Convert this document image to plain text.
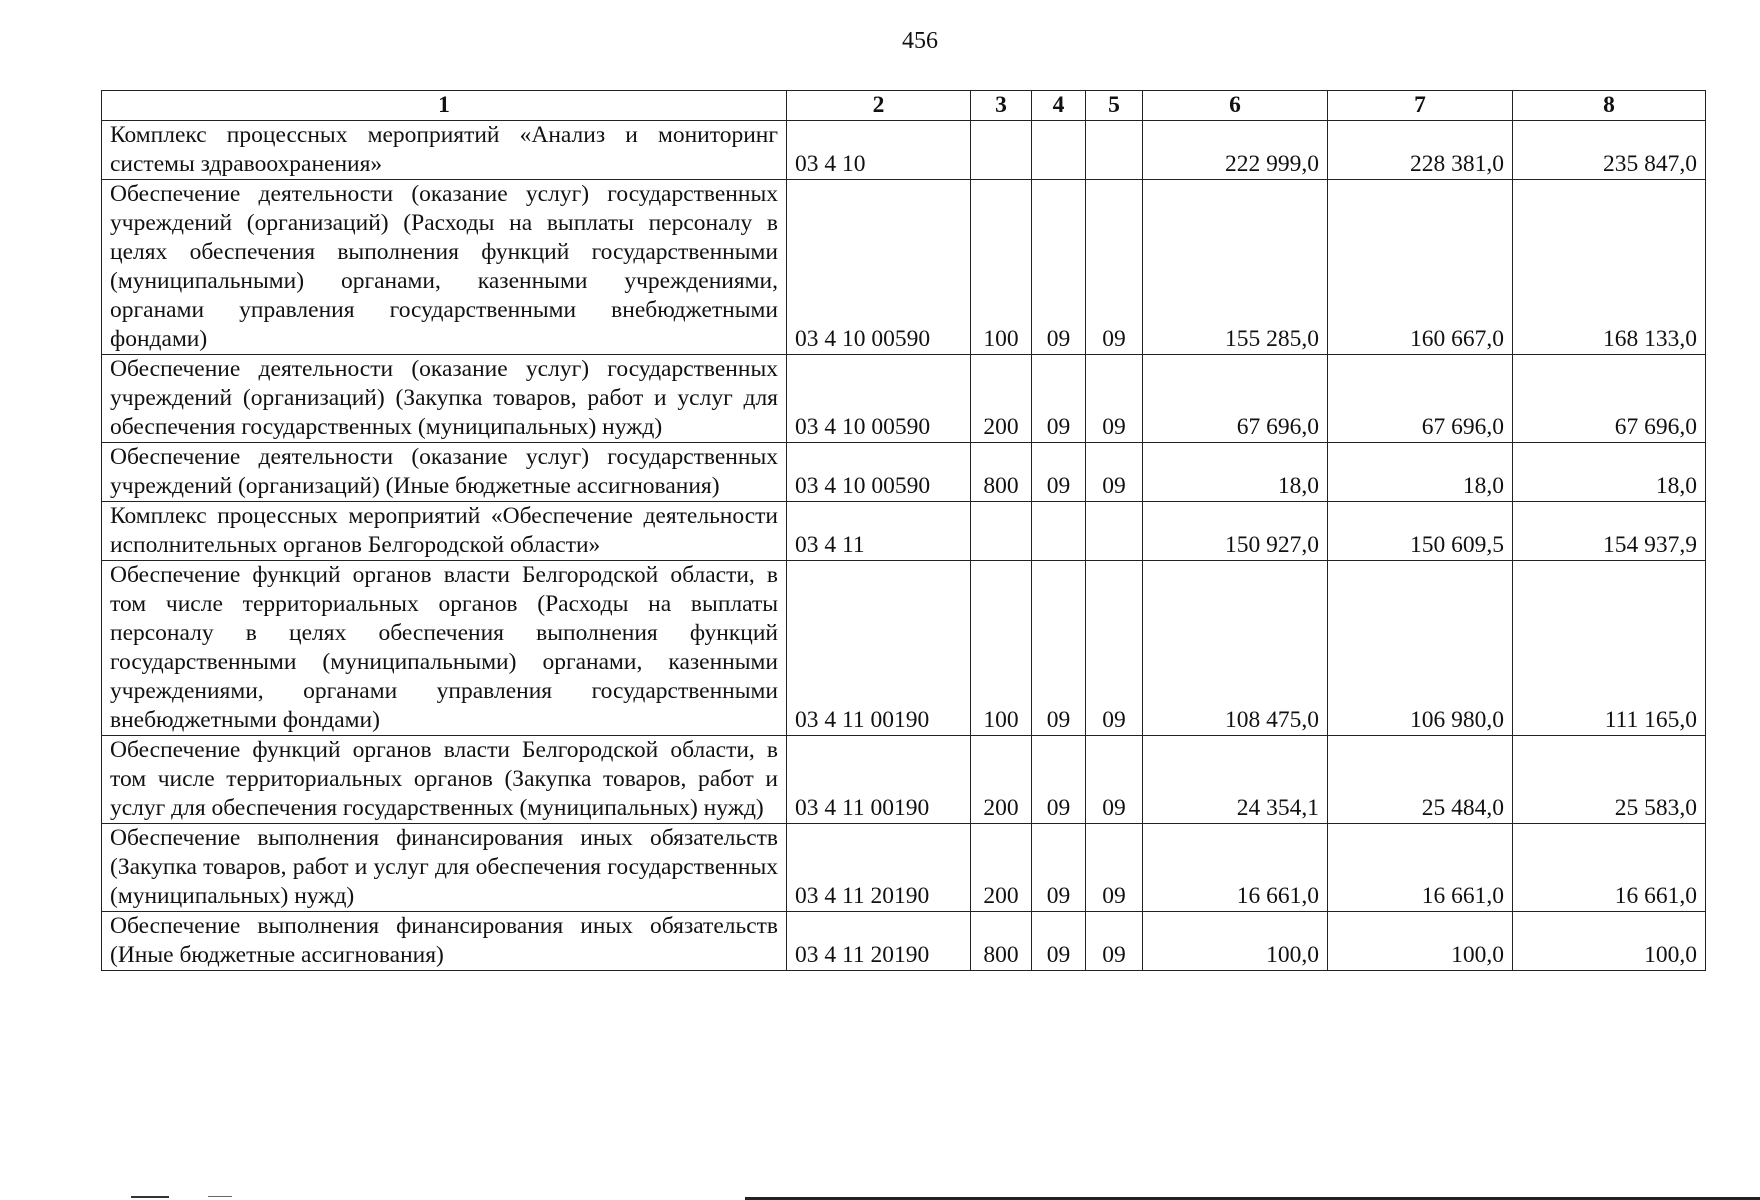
456
1	2	3	4	5	6	7	8
Комплекс процессных мероприятий «Анализ и мониторинг системы здравоохранения»	03 4 10				222 999,0	228 381,0	235 847,0
Обеспечение деятельности (оказание услуг) государственных учреждений (организаций) (Расходы на выплаты персоналу в целях обеспечения выполнения функций государственными (муниципальными) органами, казенными учреждениями, органами управления государственными внебюджетными фондами)	03 4 10 00590	100	09	09	155 285,0	160 667,0	168 133,0
Обеспечение деятельности (оказание услуг) государственных учреждений (организаций) (Закупка товаров, работ и услуг для обеспечения государственных (муниципальных) нужд)	03 4 10 00590	200	09	09	67 696,0	67 696,0	67 696,0
Обеспечение деятельности (оказание услуг) государственных учреждений (организаций) (Иные бюджетные ассигнования)	03 4 10 00590	800	09	09	18,0	18,0	18,0
Комплекс процессных мероприятий «Обеспечение деятельности исполнительных органов Белгородской области»	03 4 11				150 927,0	150 609,5	154 937,9
Обеспечение функций органов власти Белгородской области, в том числе территориальных органов (Расходы на выплаты персоналу в целях обеспечения выполнения функций государственными (муниципальными) органами, казенными учреждениями, органами управления государственными внебюджетными фондами)	03 4 11 00190	100	09	09	108 475,0	106 980,0	111 165,0
Обеспечение функций органов власти Белгородской области, в том числе территориальных органов (Закупка товаров, работ и услуг для обеспечения государственных (муниципальных) нужд)	03 4 11 00190	200	09	09	24 354,1	25 484,0	25 583,0
Обеспечение выполнения финансирования иных обязательств (Закупка товаров, работ и услуг для обеспечения государственных (муниципальных) нужд)	03 4 11 20190	200	09	09	16 661,0	16 661,0	16 661,0
Обеспечение выполнения финансирования иных обязательств (Иные бюджетные ассигнования)	03 4 11 20190	800	09	09	100,0	100,0	100,0
